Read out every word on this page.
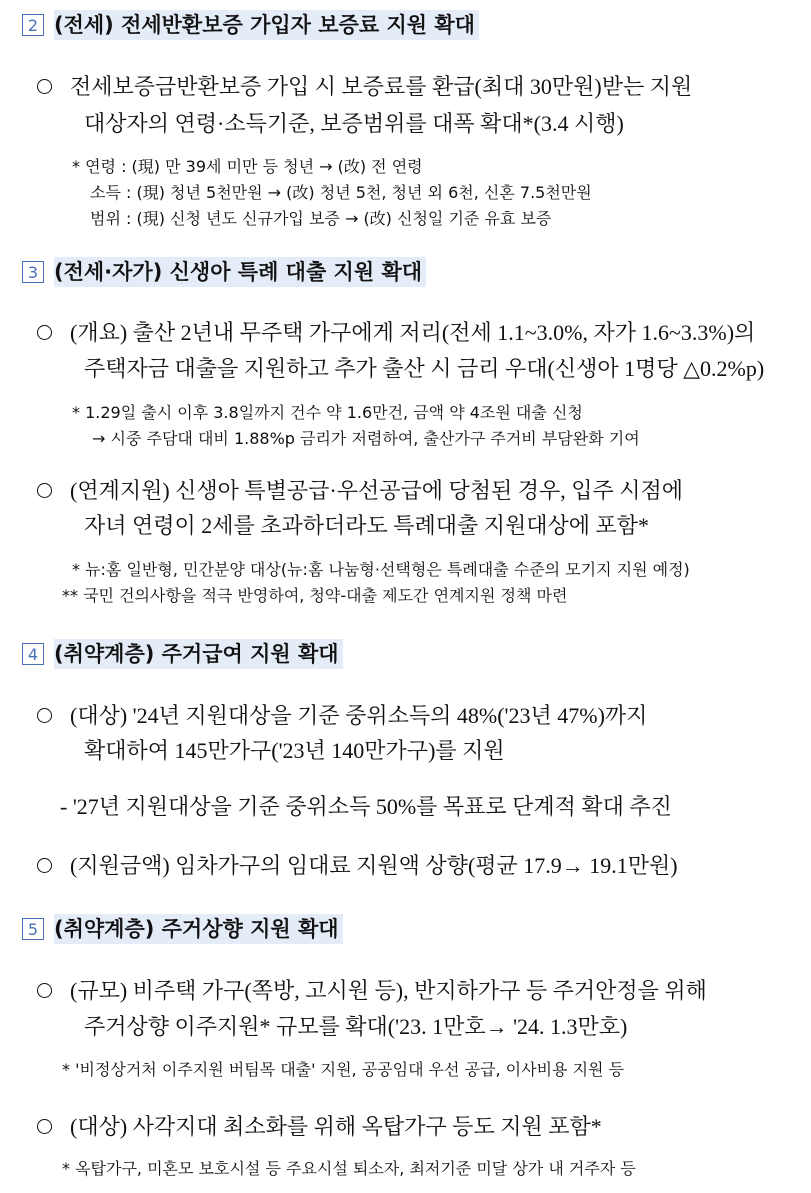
2 (전세) 전세반환보증 가입자 보증료 지원 확대
전세보증금반환보증 가입 시 보증료를 환급(최대 30만원)받는 지원
대상자의 연령·소득기준, 보증범위를 대폭 확대*(3.4 시행)
* 연령 : (現) 만 39세 미만 등 청년 → (改) 전 연령
소득 : (現) 청년 5천만원 → (改) 청년 5천, 청년 외 6천, 신혼 7.5천만원
범위 : (現) 신청 년도 신규가입 보증 → (改) 신청일 기준 유효 보증
3 (전세·자가) 신생아 특례 대출 지원 확대
(개요) 출산 2년내 무주택 가구에게 저리(전세 1.1~3.0%, 자가 1.6~3.3%)의
주택자금 대출을 지원하고 추가 출산 시 금리 우대(신생아 1명당 △0.2%p)
* 1.29일 출시 이후 3.8일까지 건수 약 1.6만건, 금액 약 4조원 대출 신청
→ 시중 주담대 대비 1.88%p 금리가 저렴하여, 출산가구 주거비 부담완화 기여
(연계지원) 신생아 특별공급·우선공급에 당첨된 경우, 입주 시점에
자녀 연령이 2세를 초과하더라도 특례대출 지원대상에 포함*
* 뉴:홈 일반형, 민간분양 대상(뉴:홈 나눔형·선택형은 특례대출 수준의 모기지 지원 예정)
** 국민 건의사항을 적극 반영하여, 청약-대출 제도간 연계지원 정책 마련
4 (취약계층) 주거급여 지원 확대
(대상) '24년 지원대상을 기준 중위소득의 48%('23년 47%)까지
확대하여 145만가구('23년 140만가구)를 지원
- '27년 지원대상을 기준 중위소득 50%를 목표로 단계적 확대 추진
(지원금액) 임차가구의 임대료 지원액 상향(평균 17.9→ 19.1만원)
5 (취약계층) 주거상향 지원 확대
(규모) 비주택 가구(쪽방, 고시원 등), 반지하가구 등 주거안정을 위해
주거상향 이주지원* 규모를 확대('23. 1만호→ '24. 1.3만호)
* '비정상거처 이주지원 버팀목 대출' 지원, 공공임대 우선 공급, 이사비용 지원 등
(대상) 사각지대 최소화를 위해 옥탑가구 등도 지원 포함*
* 옥탑가구, 미혼모 보호시설 등 주요시설 퇴소자, 최저기준 미달 상가 내 거주자 등
